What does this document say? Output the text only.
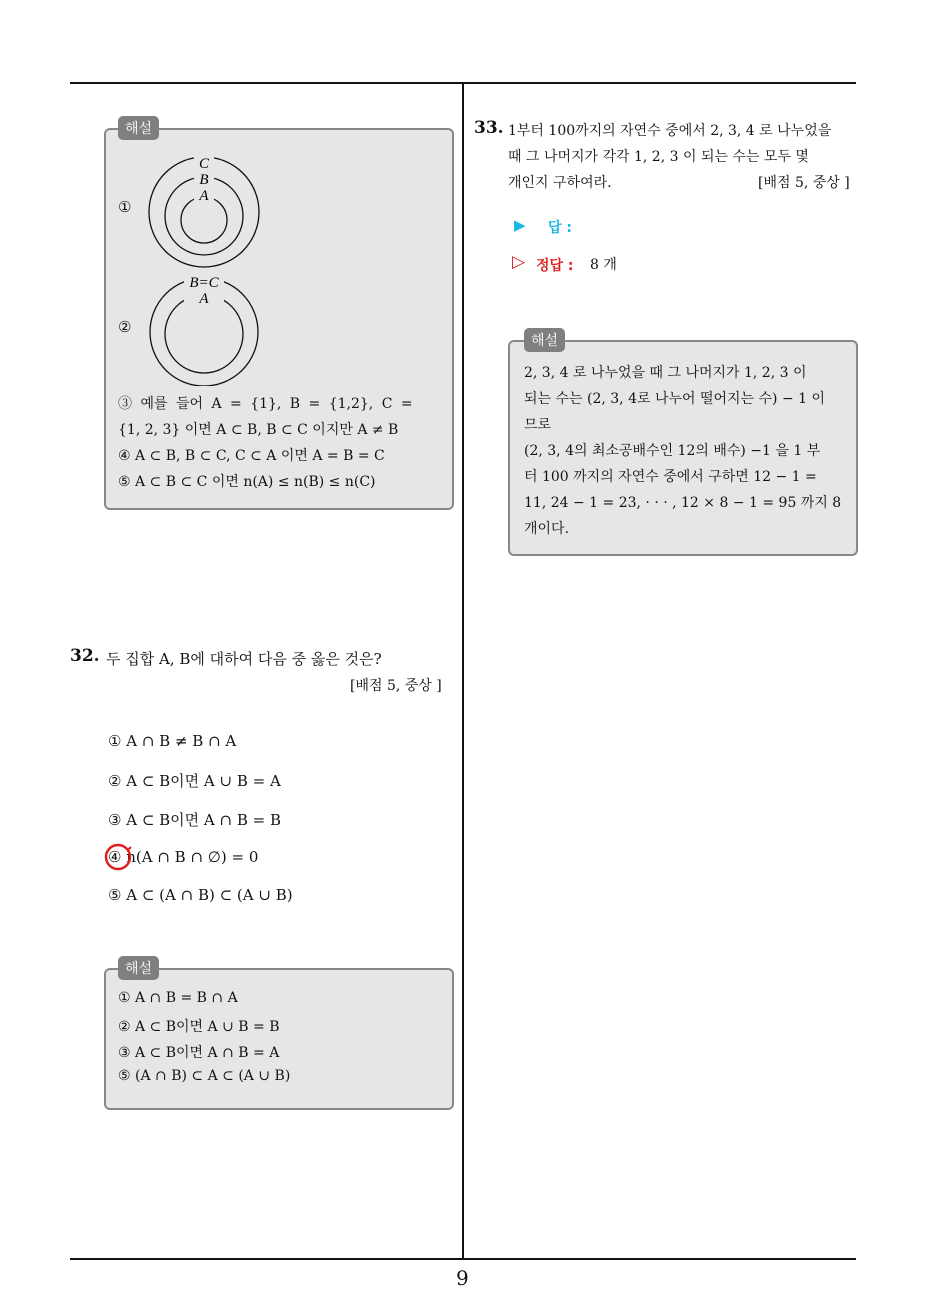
①
C
B
A
②
B=C
A
③ 예를 들어 A = {1}, B = {1,2}, C =
{1, 2, 3} 이면 A ⊂ B, B ⊂ C 이지만 A ≠ B
④ A ⊂ B, B ⊂ C, C ⊂ A 이면 A = B = C
⑤ A ⊂ B ⊂ C 이면 n(A) ≤ n(B) ≤ n(C)
해설
32. 두 집합 A, B에 대하여 다음 중 옳은 것은?
[배점 5, 중상 ]
① A ∩ B ≠ B ∩ A
② A ⊂ B이면 A ∪ B = A
③ A ⊂ B이면 A ∩ B = B
④ n(A ∩ B ∩ ∅) = 0
⑤ A ⊂ (A ∩ B) ⊂ (A ∪ B)
① A ∩ B = B ∩ A
② A ⊂ B이면 A ∪ B = B
③ A ⊂ B이면 A ∩ B = A
⑤ (A ∩ B) ⊂ A ⊂ (A ∪ B)
해설
33. 1부터 100까지의 자연수 중에서 2, 3, 4 로 나누었을
때 그 나머지가 각각 1, 2, 3 이 되는 수는 모두 몇
개인지 구하여라.	[배점 5, 중상 ]
▶ 답 :
▷ 정답 : 8 개
2, 3, 4 로 나누었을 때 그 나머지가 1, 2, 3 이
되는 수는 (2, 3, 4로 나누어 떨어지는 수) − 1 이
므로
(2, 3, 4의 최소공배수인 12의 배수) −1 을 1 부
터 100 까지의 자연수 중에서 구하면 12 − 1 =
11, 24 − 1 = 23, · · · , 12 × 8 − 1 = 95 까지 8
개이다.
해설
9
